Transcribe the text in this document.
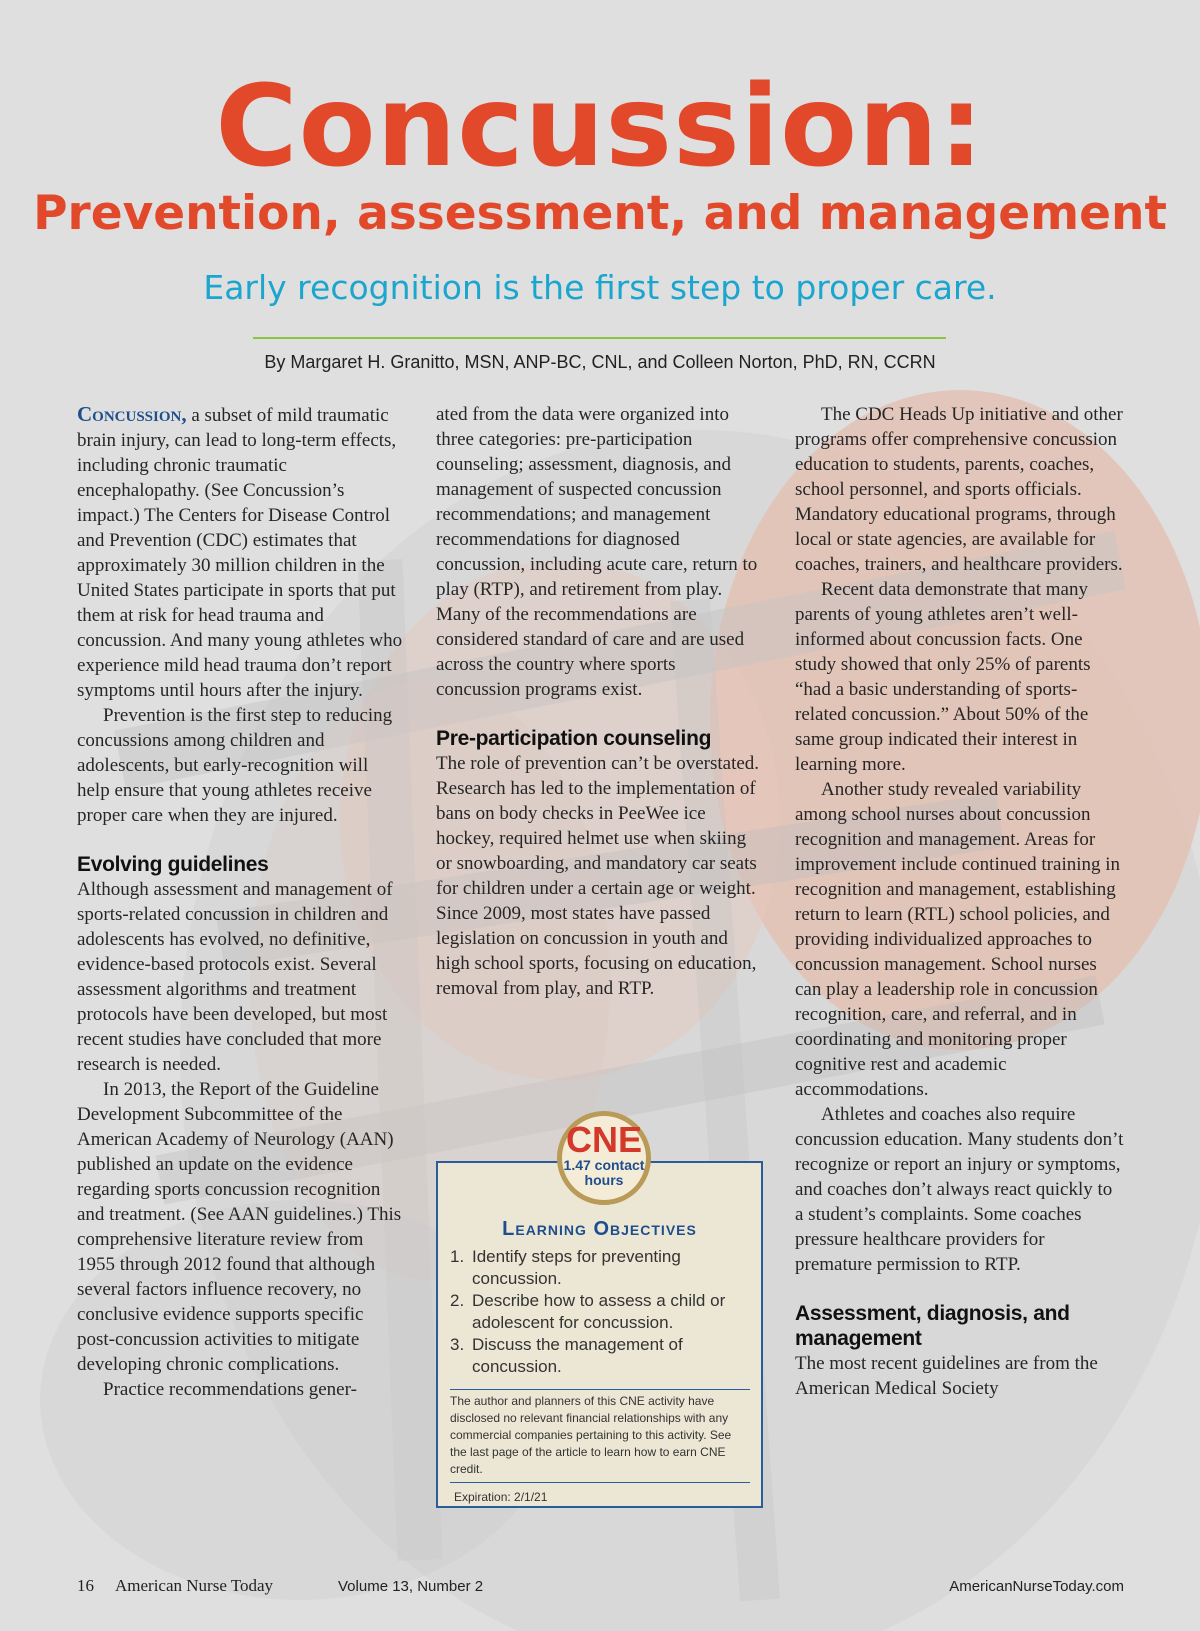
Concussion:
Prevention, assessment, and management
Early recognition is the first step to proper care.
By Margaret H. Granitto, MSN, ANP-BC, CNL, and Colleen Norton, PhD, RN, CCRN

Concussion, a subset of mild traumatic brain injury, can lead to long-term effects, including chronic traumatic encephalopathy. (See Concussion’s impact.) The Centers for Disease Control and Prevention (CDC) estimates that approximately 30 million children in the United States participate in sports that put them at risk for head trauma and concussion. And many young athletes who experience mild head trauma don’t report symptoms until hours after the injury.

Prevention is the first step to reducing concussions among children and adolescents, but early-recognition will help ensure that young athletes receive proper care when they are injured.

Evolving guidelines

Although assessment and management of sports-related concussion in children and adolescents has evolved, no definitive, evidence-based protocols exist. Several assessment algorithms and treatment protocols have been developed, but most recent studies have concluded that more research is needed.

In 2013, the Report of the Guideline Development Subcommittee of the American Academy of Neurology (AAN) published an update on the evidence regarding sports concussion recognition and treatment. (See AAN guidelines.) This comprehensive literature review from 1955 through 2012 found that although several factors influence recovery, no conclusive evidence supports specific post-concussion activities to mitigate developing chronic complications.

Practice recommendations gener-

ated from the data were organized into three categories: pre-participation counseling; assessment, diagnosis, and management of suspected concussion recommendations; and management recommendations for diagnosed concussion, including acute care, return to play (RTP), and retirement from play. Many of the recommendations are considered standard of care and are used across the country where sports concussion programs exist.

Pre-participation counseling

The role of prevention can’t be overstated. Research has led to the implementation of bans on body checks in PeeWee ice hockey, required helmet use when skiing or snowboarding, and mandatory car seats for children under a certain age or weight. Since 2009, most states have passed legislation on concussion in youth and high school sports, focusing on education, removal from play, and RTP.

The CDC Heads Up initiative and other programs offer comprehensive concussion education to students, parents, coaches, school personnel, and sports officials. Mandatory educational programs, through local or state agencies, are available for coaches, trainers, and healthcare providers.

Recent data demonstrate that many parents of young athletes aren’t well-informed about concussion facts. One study showed that only 25% of parents “had a basic understanding of sports-related concussion.” About 50% of the same group indicated their interest in learning more.

Another study revealed variability among school nurses about concussion recognition and management. Areas for improvement include continued training in recognition and management, establishing return to learn (RTL) school policies, and providing individualized approaches to concussion management. School nurses can play a leadership role in concussion recognition, care, and referral, and in coordinating and monitoring proper cognitive rest and academic accommodations.

Athletes and coaches also require concussion education. Many students don’t recognize or report an injury or symptoms, and coaches don’t always react quickly to a student’s complaints. Some coaches pressure healthcare providers for premature permission to RTP.

Assessment, diagnosis, and management

The most recent guidelines are from the American Medical Society

CNE
1.47 contact
hours
Learning Objectives
1. Identify steps for preventing concussion.
2. Describe how to assess a child or adolescent for concussion.
3. Discuss the management of concussion.
The author and planners of this CNE activity have disclosed no relevant financial relationships with any commercial companies pertaining to this activity. See the last page of the article to learn how to earn CNE credit.
Expiration: 2/1/21
16 American Nurse Today	Volume 13, Number 2	AmericanNurseToday.com
